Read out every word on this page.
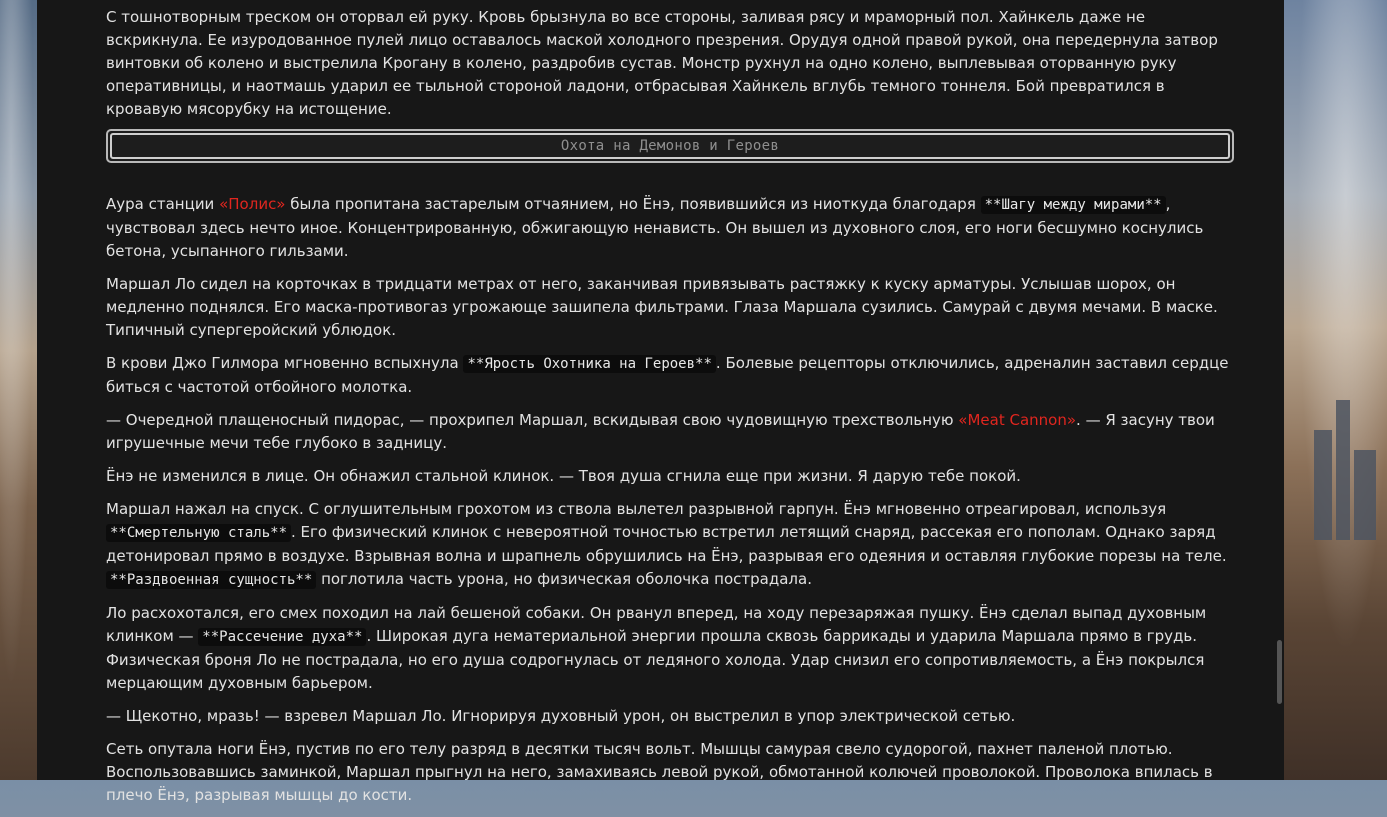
С тошнотворным треском он оторвал ей руку. Кровь брызнула во все стороны, заливая рясу и мраморный пол. Хайнкель даже не вскрикнула. Ее изуродованное пулей лицо оставалось маской холодного презрения. Орудуя одной правой рукой, она передернула затвор винтовки об колено и выстрелила Крогану в колено, раздробив сустав. Монстр рухнул на одно колено, выплевывая оторванную руку оперативницы, и наотмашь ударил ее тыльной стороной ладони, отбрасывая Хайнкель вглубь темного тоннеля. Бой превратился в кровавую мясорубку на истощение.

Охота на Демонов и Героев

Аура станции «Полис» была пропитана застарелым отчаянием, но Ёнэ, появившийся из ниоткуда благодаря **Шагу между мирами** , чувствовал здесь нечто иное. Концентрированную, обжигающую ненависть. Он вышел из духовного слоя, его ноги бесшумно коснулись бетона, усыпанного гильзами.

Маршал Ло сидел на корточках в тридцати метрах от него, заканчивая привязывать растяжку к куску арматуры. Услышав шорох, он медленно поднялся. Его маска-противогаз угрожающе зашипела фильтрами. Глаза Маршала сузились. Самурай с двумя мечами. В маске. Типичный супергеройский ублюдок.

В крови Джо Гилмора мгновенно вспыхнула **Ярость Охотника на Героев** . Болевые рецепторы отключились, адреналин заставил сердце биться с частотой отбойного молотка.

— Очередной плащеносный пидорас, — прохрипел Маршал, вскидывая свою чудовищную трехствольную «Meat Cannon». — Я засуну твои игрушечные мечи тебе глубоко в задницу.

Ёнэ не изменился в лице. Он обнажил стальной клинок. — Твоя душа сгнила еще при жизни. Я дарую тебе покой.

Маршал нажал на спуск. С оглушительным грохотом из ствола вылетел разрывной гарпун. Ёнэ мгновенно отреагировал, используя **Смертельную сталь** . Его физический клинок с невероятной точностью встретил летящий снаряд, рассекая его пополам. Однако заряд детонировал прямо в воздухе. Взрывная волна и шрапнель обрушились на Ёнэ, разрывая его одеяния и оставляя глубокие порезы на теле. **Раздвоенная сущность** поглотила часть урона, но физическая оболочка пострадала.

Ло расхохотался, его смех походил на лай бешеной собаки. Он рванул вперед, на ходу перезаряжая пушку. Ёнэ сделал выпад духовным клинком — **Рассечение духа** . Широкая дуга нематериальной энергии прошла сквозь баррикады и ударила Маршала прямо в грудь. Физическая броня Ло не пострадала, но его душа содрогнулась от ледяного холода. Удар снизил его сопротивляемость, а Ёнэ покрылся мерцающим духовным барьером.

— Щекотно, мразь! — взревел Маршал Ло. Игнорируя духовный урон, он выстрелил в упор электрической сетью.

Сеть опутала ноги Ёнэ, пустив по его телу разряд в десятки тысяч вольт. Мышцы самурая свело судорогой, пахнет паленой плотью. Воспользовавшись заминкой, Маршал прыгнул на него, замахиваясь левой рукой, обмотанной колючей проволокой. Проволока впилась в плечо Ёнэ, разрывая мышцы до кости.
